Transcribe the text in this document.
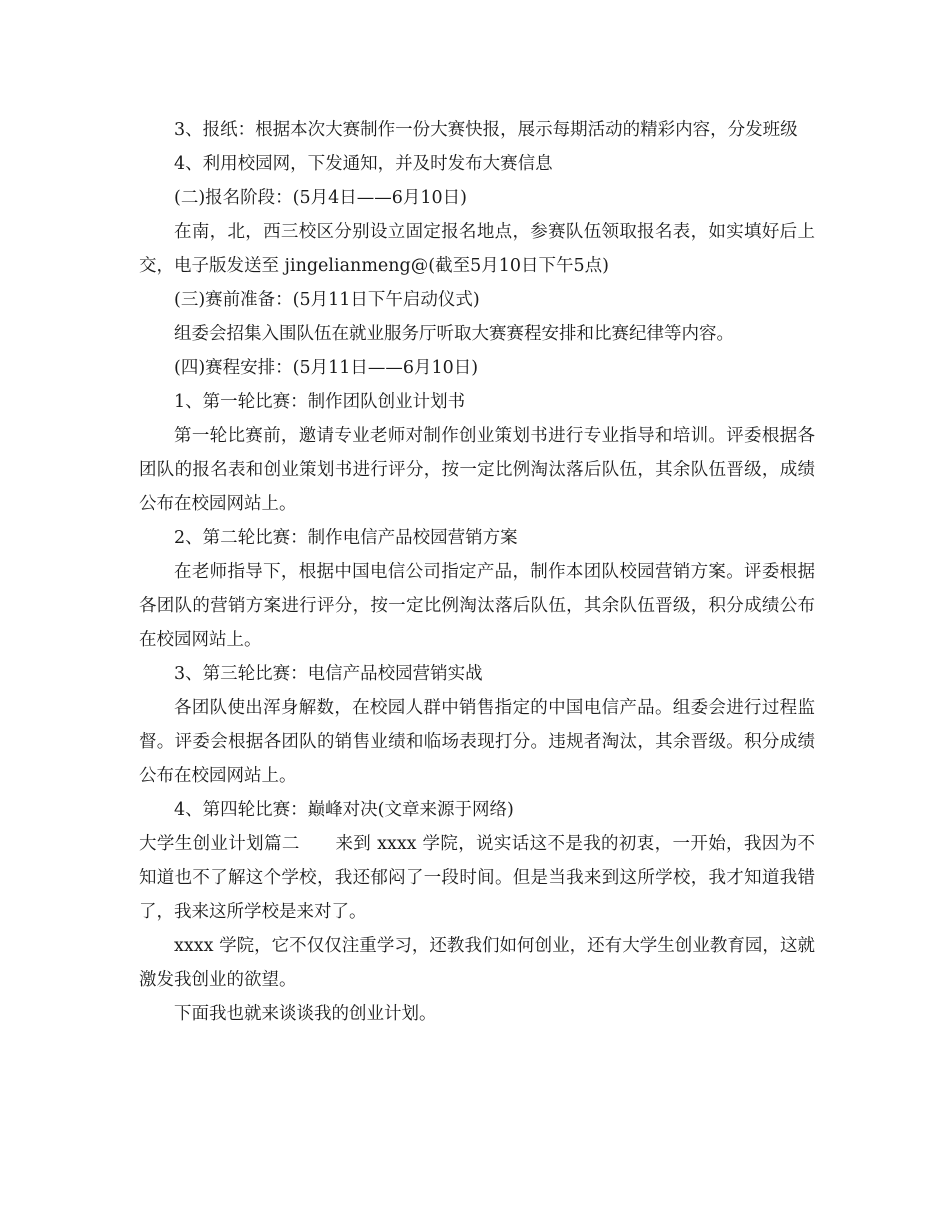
3、报纸：根据本次大赛制作一份大赛快报，展示每期活动的精彩内容，分发班级

4、利用校园网，下发通知，并及时发布大赛信息

(二)报名阶段：(5月4日——6月10日)

在南，北，西三校区分别设立固定报名地点，参赛队伍领取报名表，如实填好后上交，电子版发送至 jingelianmeng@(截至5月10日下午5点)

(三)赛前准备：(5月11日下午启动仪式)

组委会招集入围队伍在就业服务厅听取大赛赛程安排和比赛纪律等内容。

(四)赛程安排：(5月11日——6月10日)

1、第一轮比赛：制作团队创业计划书

第一轮比赛前，邀请专业老师对制作创业策划书进行专业指导和培训。评委根据各团队的报名表和创业策划书进行评分，按一定比例淘汰落后队伍，其余队伍晋级，成绩公布在校园网站上。

2、第二轮比赛：制作电信产品校园营销方案

在老师指导下，根据中国电信公司指定产品，制作本团队校园营销方案。评委根据各团队的营销方案进行评分，按一定比例淘汰落后队伍，其余队伍晋级，积分成绩公布在校园网站上。

3、第三轮比赛：电信产品校园营销实战

各团队使出浑身解数，在校园人群中销售指定的中国电信产品。组委会进行过程监督。评委会根据各团队的销售业绩和临场表现打分。违规者淘汰，其余晋级。积分成绩公布在校园网站上。

4、第四轮比赛：巅峰对决(文章来源于网络)

大学生创业计划篇二　　来到 xxxx 学院，说实话这不是我的初衷，一开始，我因为不知道也不了解这个学校，我还郁闷了一段时间。但是当我来到这所学校，我才知道我错了，我来这所学校是来对了。

xxxx 学院，它不仅仅注重学习，还教我们如何创业，还有大学生创业教育园，这就激发我创业的欲望。

下面我也就来谈谈我的创业计划。
